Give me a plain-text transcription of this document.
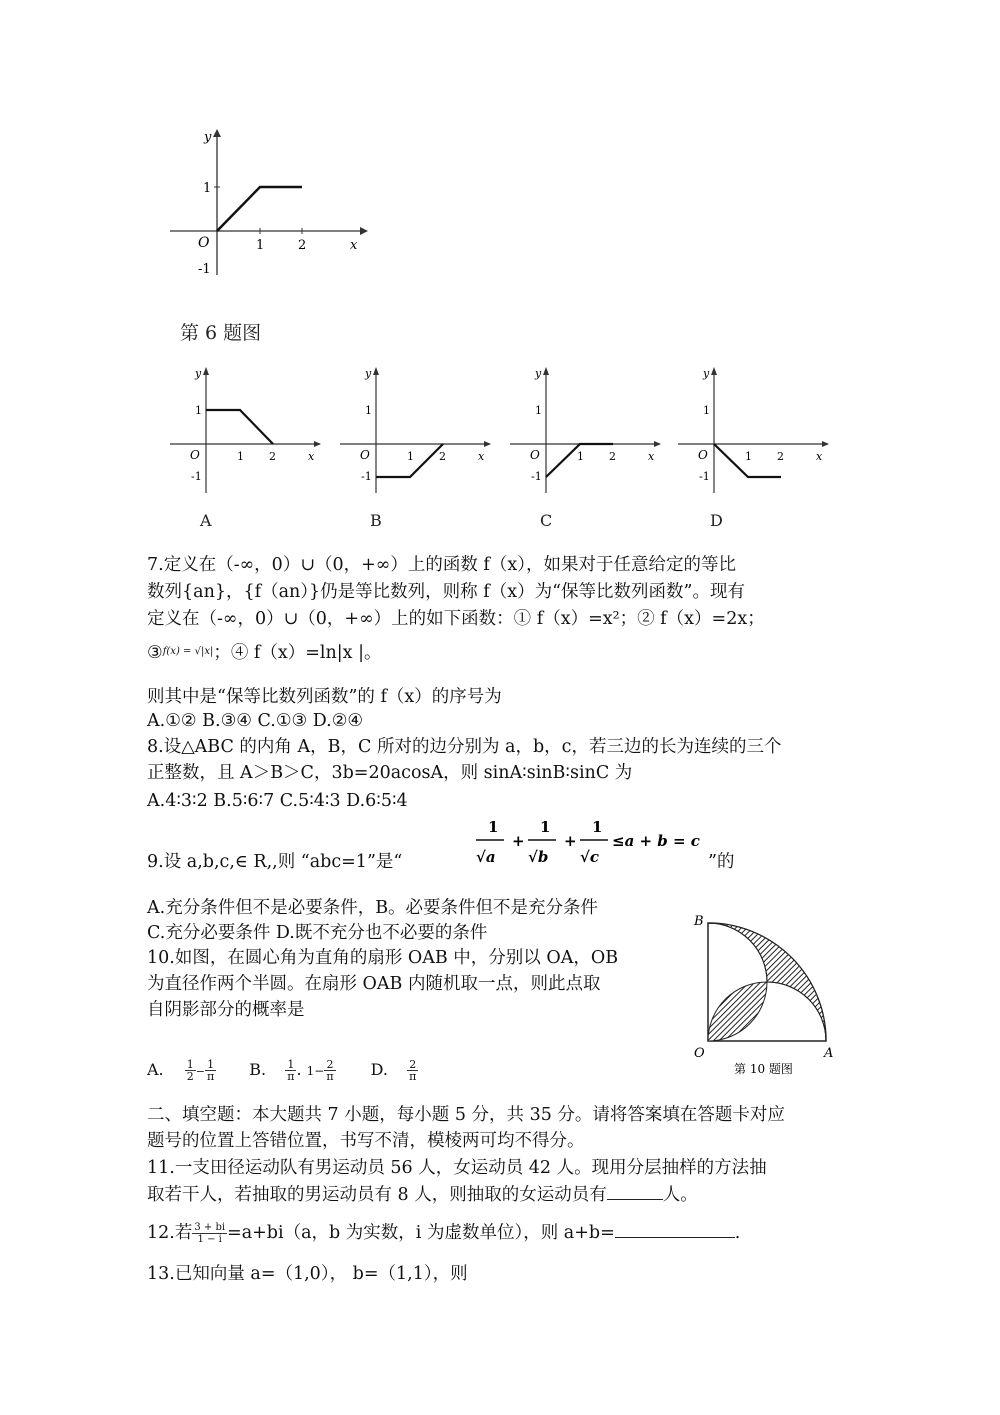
y
x
O
1
1	2
-1
第 6 题图
y
x
O
1
1 2
-1
y
x
O
1
1 2
-1
y
x
O
1
1 2
-1
y
x
O
1
1 2
-1
A	B	C	D
7.定义在（-∞，0）∪（0，+∞）上的函数 f（x），如果对于任意给定的等比
数列{an}，{f（an）}仍是等比数列，则称 f（x）为“保等比数列函数”。现有
定义在（-∞，0）∪（0，+∞）上的如下函数：① f（x）=x²；② f（x）=2x；
③$^{f(x) = √|x|}$；④ f（x）=ln|x |。
则其中是“保等比数列函数”的 f（x）的序号为
A.①② B.③④ C.①③ D.②④
8.设△ABC 的内角 A，B，C 所对的边分别为 a，b，c，若三边的长为连续的三个
正整数，且 A＞B＞C，3b=20acosA，则 sinA∶sinB∶sinC 为
A.4∶3∶2 B.5∶6∶7 C.5∶4∶3 D.6∶5∶4
9.设 a,b,c,∈ R,,则 “abc=1”是“
1
√a
+
1
√b
+
1
√c
≤a + b = c
”的
A.充分条件但不是必要条件，B。必要条件但不是充分条件
C.充分必要条件 D.既不充分也不必要的条件
10.如图，在圆心角为直角的扇形 OAB 中，分别以 OA，OB
为直径作两个半圆。在扇形 OAB 内随机取一点，则此点取
自阴影部分的概率是
B
O	A
第 10 题图
A. $\frac{1}{2} - \frac{1}{\pi} B$. $\frac{1}{\pi}$ . $1- \frac{2}{\pi} D$. $\frac{2}{\pi}$
二、填空题：本大题共 7 小题，每小题 5 分，共 35 分。请将答案填在答题卡对应
题号的位置上答错位置，书写不清，模棱两可均不得分。
11.一支田径运动队有男运动员 56 人，女运动员 42 人。现用分层抽样的方法抽
取若干人，若抽取的男运动员有 8 人，则抽取的女运动员有	人。
12.若 $\frac{3 + bi}{1 - i} =a+bi(a$，b 为实数，i 为虚数单位），则 a+b=	.
13.已知向量 a=（1,0）， b=（1,1），则
